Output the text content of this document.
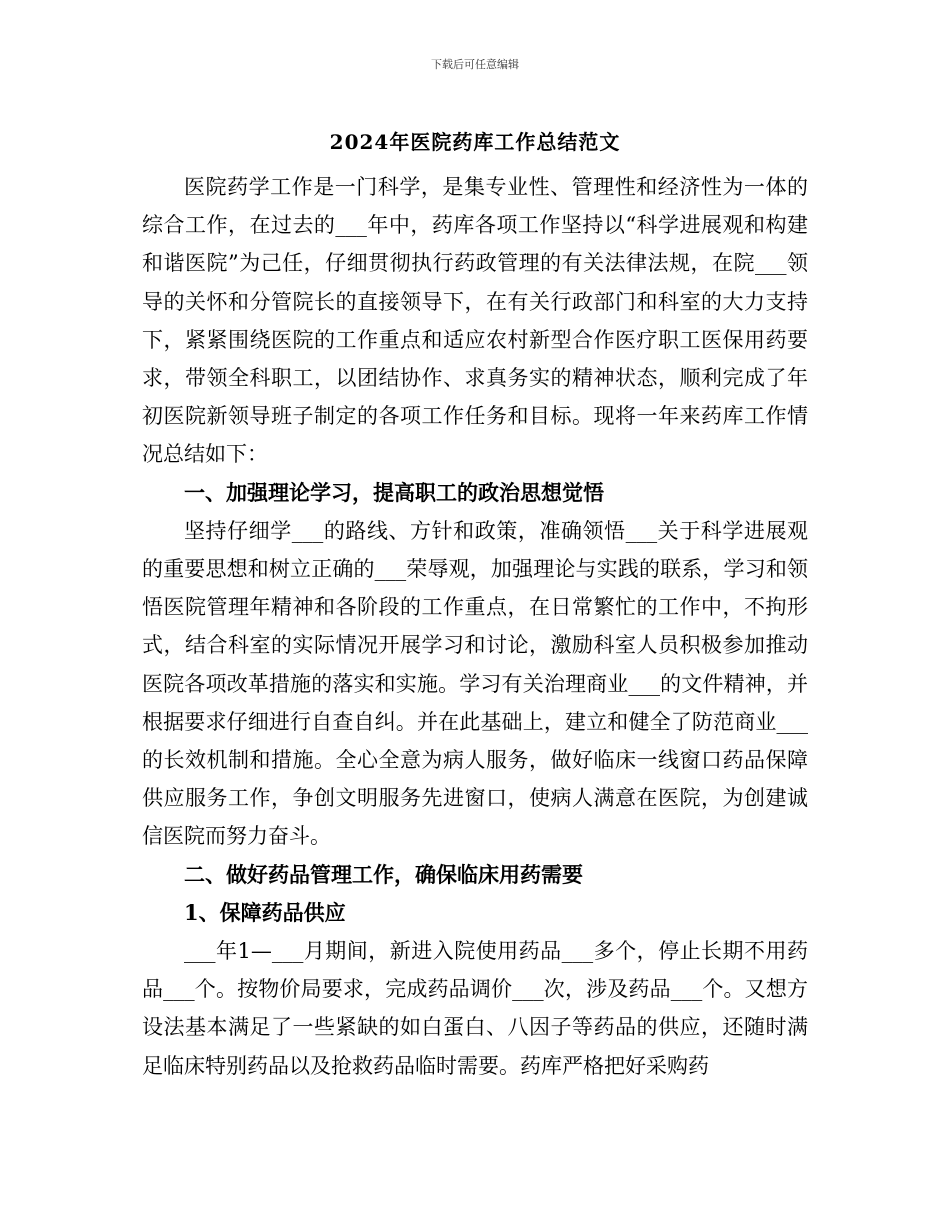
下载后可任意编辑
2024年医院药库工作总结范文

医院药学工作是一门科学，是集专业性、管理性和经济性为一体的综合工作，在过去的___年中，药库各项工作坚持以“科学进展观和构建和谐医院”为己任，仔细贯彻执行药政管理的有关法律法规，在院___领导的关怀和分管院长的直接领导下，在有关行政部门和科室的大力支持下，紧紧围绕医院的工作重点和适应农村新型合作医疗职工医保用药要求，带领全科职工，以团结协作、求真务实的精神状态，顺利完成了年初医院新领导班子制定的各项工作任务和目标。现将一年来药库工作情况总结如下：

一、加强理论学习，提高职工的政治思想觉悟

坚持仔细学___的路线、方针和政策，准确领悟___关于科学进展观的重要思想和树立正确的___荣辱观，加强理论与实践的联系，学习和领悟医院管理年精神和各阶段的工作重点，在日常繁忙的工作中，不拘形式，结合科室的实际情况开展学习和讨论，激励科室人员积极参加推动医院各项改革措施的落实和实施。学习有关治理商业___的文件精神，并根据要求仔细进行自查自纠。并在此基础上，建立和健全了防范商业___的长效机制和措施。全心全意为病人服务，做好临床一线窗口药品保障供应服务工作，争创文明服务先进窗口，使病人满意在医院，为创建诚信医院而努力奋斗。

二、做好药品管理工作，确保临床用药需要

1、保障药品供应

___年1—___月期间，新进入院使用药品___多个，停止长期不用药品___个。按物价局要求，完成药品调价___次，涉及药品___个。又想方设法基本满足了一些紧缺的如白蛋白、八因子等药品的供应，还随时满足临床特别药品以及抢救药品临时需要。药库严格把好采购药
